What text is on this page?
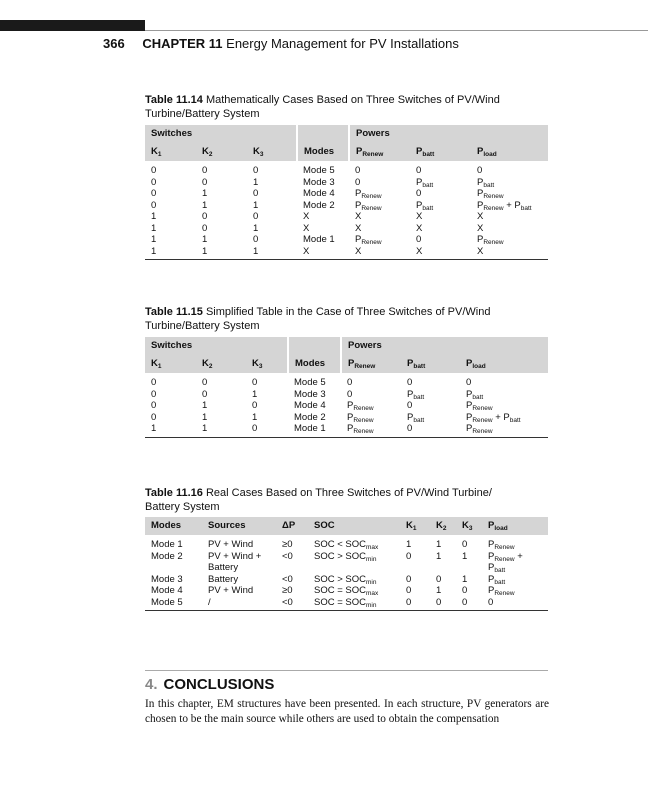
366 CHAPTER 11 Energy Management for PV Installations
Table 11.14 Mathematically Cases Based on Three Switches of PV/Wind Turbine/Battery System
Switches				Powers		
$K_1$	$K_2$	$K_3$	Modes	$P_{Renew}$	$P_{batt}$	$P_{load}$

0	0	0	Mode 5	0	0	0
0	0	1	Mode 3	0	$P_{batt}$	$P_{batt}$
0	1	0	Mode 4	$P_{Renew}$	0	$P_{Renew}$
0	1	1	Mode 2	$P_{Renew}$	$P_{batt}$	$P_{Renew} + P_{batt}$
1	0	0	X	X	X	X
1	0	1	X	X	X	X
1	1	0	Mode 1	$P_{Renew}$	0	$P_{Renew}$
1	1	1	X	X	X	X
Table 11.15 Simplified Table in the Case of Three Switches of PV/Wind Turbine/Battery System
Switches				Powers		
$K_1$	$K_2$	$K_3$	Modes	$P_{Renew}$	$P_{batt}$	$P_{load}$

0	0	0	Mode 5	0	0	0
0	0	1	Mode 3	0	$P_{batt}$	$P_{batt}$
0	1	0	Mode 4	$P_{Renew}$	0	$P_{Renew}$
0	1	1	Mode 2	$P_{Renew}$	$P_{batt}$	$P_{Renew} + P_{batt}$
1	1	0	Mode 1	$P_{Renew}$	0	$P_{Renew}$
Table 11.16 Real Cases Based on Three Switches of PV/Wind Turbine/ Battery System
Modes	Sources	ΔP	SOC	$K_1$	$K_2$	$K_3$	$P_{load}$

Mode 1	PV + Wind	≥0	SOC < $SOC_{max}$	1	1	0	$P_{Renew}$
Mode 2	PV + Wind +
Battery	<0	SOC > $SOC_{min}$	0	1	1	$P_{Renew}$ +
$P_{batt}$
Mode 3	Battery	<0	SOC > $SOC_{min}$	0	0	1	$P_{batt}$
Mode 4	PV + Wind	≥0	SOC = $SOC_{max}$	0	1	0	$P_{Renew}$
Mode 5	/	<0	SOC = $SOC_{min}$	0	0	0	0
4. CONCLUSIONS
In this chapter, EM structures have been presented. In each structure, PV generators are chosen to be the main source while others are used to obtain the compensation
